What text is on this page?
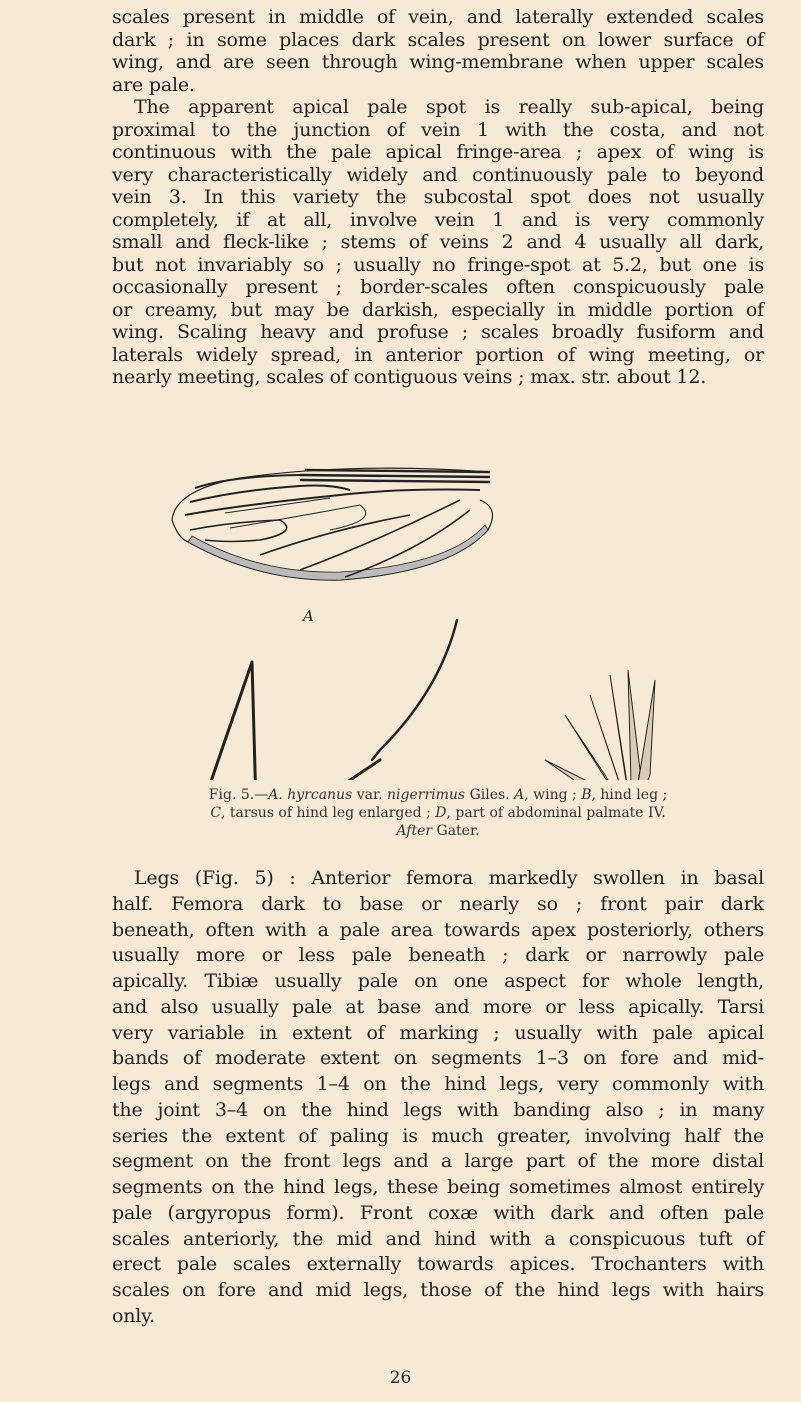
scales present in middle of vein, and laterally extended scales
dark ; in some places dark scales present on lower surface of
wing, and are seen through wing-membrane when upper scales
are pale.
The apparent apical pale spot is really sub-apical, being
proximal to the junction of vein 1 with the costa, and not
continuous with the pale apical fringe-area ; apex of wing is
very characteristically widely and continuously pale to beyond
vein 3. In this variety the subcostal spot does not usually
completely, if at all, involve vein 1 and is very commonly
small and fleck-like ; stems of veins 2 and 4 usually all dark,
but not invariably so ; usually no fringe-spot at 5.2, but one is
occasionally present ; border-scales often conspicuously pale
or creamy, but may be darkish, especially in middle portion of
wing. Scaling heavy and profuse ; scales broadly fusiform and
laterals widely spread, in anterior portion of wing meeting, or
nearly meeting, scales of contiguous veins ; max. str. about 12.
A
Fig. 5.—A. hyrcanus var. nigerrimus Giles. A, wing ; B, hind leg ;
C, tarsus of hind leg enlarged ; D, part of abdominal palmate IV.
After Gater.
Legs (Fig. 5) : Anterior femora markedly swollen in basal
half. Femora dark to base or nearly so ; front pair dark
beneath, often with a pale area towards apex posteriorly, others
usually more or less pale beneath ; dark or narrowly pale
apically. Tibiæ usually pale on one aspect for whole length,
and also usually pale at base and more or less apically. Tarsi
very variable in extent of marking ; usually with pale apical
bands of moderate extent on segments 1–3 on fore and mid-
legs and segments 1–4 on the hind legs, very commonly with
the joint 3–4 on the hind legs with banding also ; in many
series the extent of paling is much greater, involving half the
segment on the front legs and a large part of the more distal
segments on the hind legs, these being sometimes almost entirely
pale (argyropus form). Front coxæ with dark and often pale
scales anteriorly, the mid and hind with a conspicuous tuft of
erect pale scales externally towards apices. Trochanters with
scales on fore and mid legs, those of the hind legs with hairs
only.
26
